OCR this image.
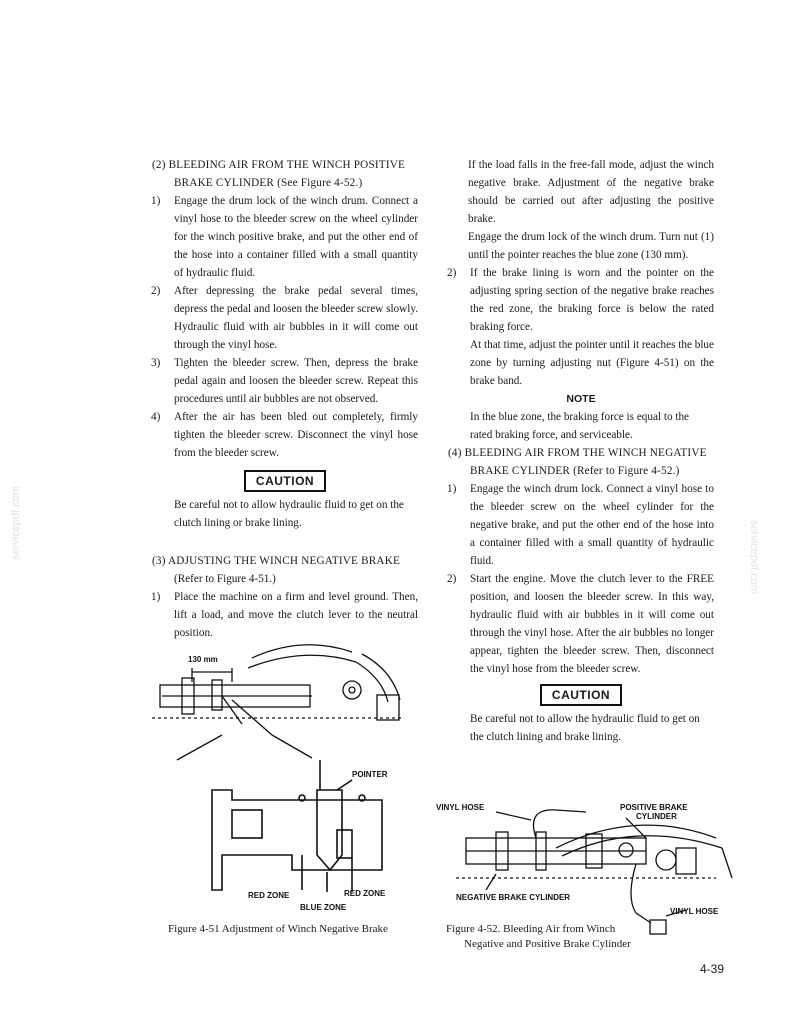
servicepdf.com	servicepdf.com
(2) BLEEDING AIR FROM THE WINCH POSITIVE
BRAKE CYLINDER (See Figure 4-52.)
1) Engage the drum lock of the winch drum. Connect a vinyl hose to the bleeder screw on the wheel cylinder for the winch positive brake, and put the other end of the hose into a container filled with a small quantity of hydraulic fluid.
2) After depressing the brake pedal several times, depress the pedal and loosen the bleeder screw slowly. Hydraulic fluid with air bubbles in it will come out through the vinyl hose.
3) Tighten the bleeder screw. Then, depress the brake pedal again and loosen the bleeder screw. Repeat this procedures until air bubbles are not observed.
4) After the air has been bled out completely, firmly tighten the bleeder screw. Disconnect the vinyl hose from the bleeder screw.
CAUTION
Be careful not to allow hydraulic fluid to get on the clutch lining or brake lining.
(3) ADJUSTING THE WINCH NEGATIVE BRAKE
(Refer to Figure 4-51.)
1) Place the machine on a firm and level ground. Then, lift a load, and move the clutch lever to the neutral position.
130 mm
POINTER
RED ZONE	RED ZONE
BLUE ZONE
Figure 4-51 Adjustment of Winch Negative Brake
If the load falls in the free-fall mode, adjust the winch negative brake. Adjustment of the negative brake should be carried out after adjusting the positive brake.
Engage the drum lock of the winch drum. Turn nut (1) until the pointer reaches the blue zone (130 mm).
2) If the brake lining is worn and the pointer on the adjusting spring section of the negative brake reaches the red zone, the braking force is below the rated braking force.
At that time, adjust the pointer until it reaches the blue zone by turning adjusting nut (Figure 4-51) on the brake band.
NOTE
In the blue zone, the braking force is equal to the rated braking force, and serviceable.
(4) BLEEDING AIR FROM THE WINCH NEGATIVE
BRAKE CYLINDER (Refer to Figure 4-52.)
1) Engage the winch drum lock. Connect a vinyl hose to the bleeder screw on the wheel cylinder for the negative brake, and put the other end of the hose into a container filled with a small quantity of hydraulic fluid.
2) Start the engine. Move the clutch lever to the FREE position, and loosen the bleeder screw. In this way, hydraulic fluid with air bubbles in it will come out through the vinyl hose. After the air bubbles no longer appear, tighten the bleeder screw. Then, disconnect the vinyl hose from the bleeder screw.
CAUTION
Be careful not to allow the hydraulic fluid to get on the clutch lining and brake lining.
VINYL HOSE	POSITIVE BRAKE
CYLINDER
NEGATIVE BRAKE CYLINDER
VINYL HOSE
Figure 4-52. Bleeding Air from Winch
Negative and Positive Brake Cylinder
4-39
